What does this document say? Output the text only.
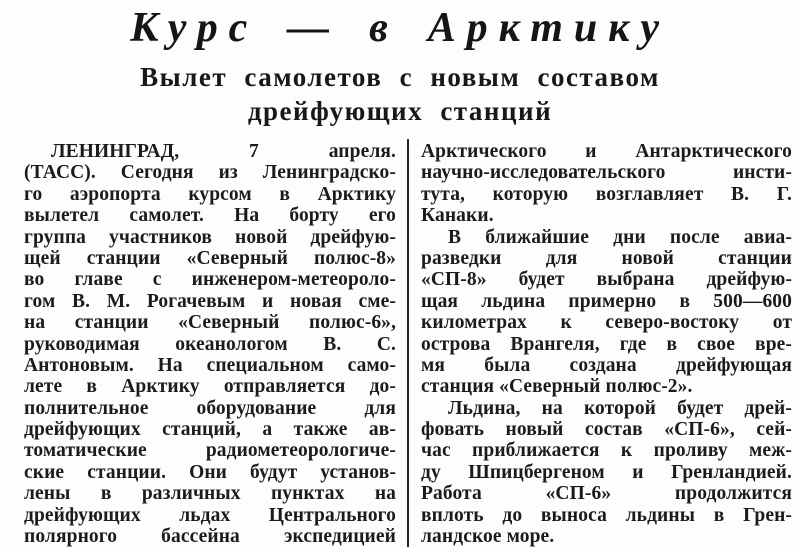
Курс — в Арктику
Вылет самолетов с новым составом
дрейфующих станций
ЛЕНИНГРАД, 7 апреля.
(ТАСС). Сегодня из Ленинградско-
го аэропорта курсом в Арктику
вылетел самолет. На борту его
группа участников новой дрейфую-
щей станции «Северный полюс-8»
во главе с инженером-метеороло-
гом В. М. Рогачевым и новая сме-
на станции «Северный полюс-6»,
руководимая океанологом В. С.
Антоновым. На специальном само-
лете в Арктику отправляется до-
полнительное оборудование для
дрейфующих станций, а также ав-
томатические радиометеорологиче-
ские станции. Они будут установ-
лены в различных пунктах на
дрейфующих льдах Центрального
полярного бассейна экспедицией
Арктического и Антарктического
научно-исследовательского инсти-
тута, которую возглавляет В. Г.
Канаки.
В ближайшие дни после авиа-
разведки для новой станции
«СП-8» будет выбрана дрейфую-
щая льдина примерно в 500—600
километрах к северо-востоку от
острова Врангеля, где в свое вре-
мя была создана дрейфующая
станция «Северный полюс-2».
Льдина, на которой будет дрей-
фовать новый состав «СП-6», сей-
час приближается к проливу меж-
ду Шпицбергеном и Гренландией.
Работа «СП-6» продолжится
вплоть до выноса льдины в Грен-
ландское море.
